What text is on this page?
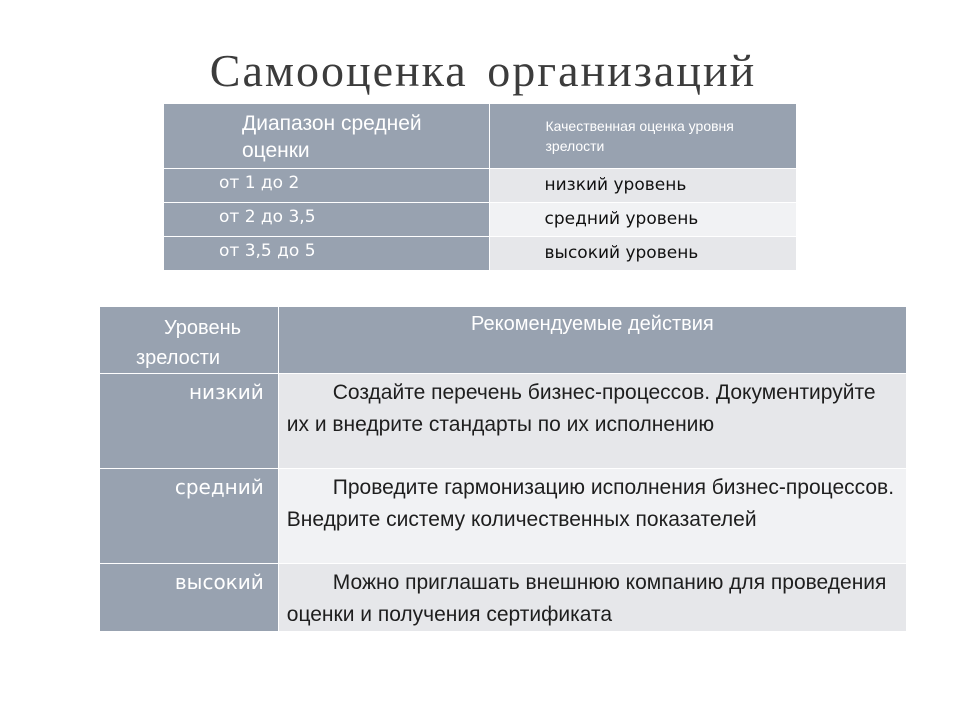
Самооценка организаций
Диапазон средней оценки	Качественная оценка уровня зрелости

от 1 до 2	низкий уровень

от 2 до 3,5	средний уровень

от 3,5 до 5	высокий уровень
Уровень
зрелости	Рекомендуемые действия

низкий	Создайте перечень бизнес-процессов. Документируйте их и внедрите стандарты по их исполнению

средний	Проведите гармонизацию исполнения бизнес-процессов. Внедрите систему количественных показателей

высокий	Можно приглашать внешнюю компанию для проведения оценки и получения сертификата
